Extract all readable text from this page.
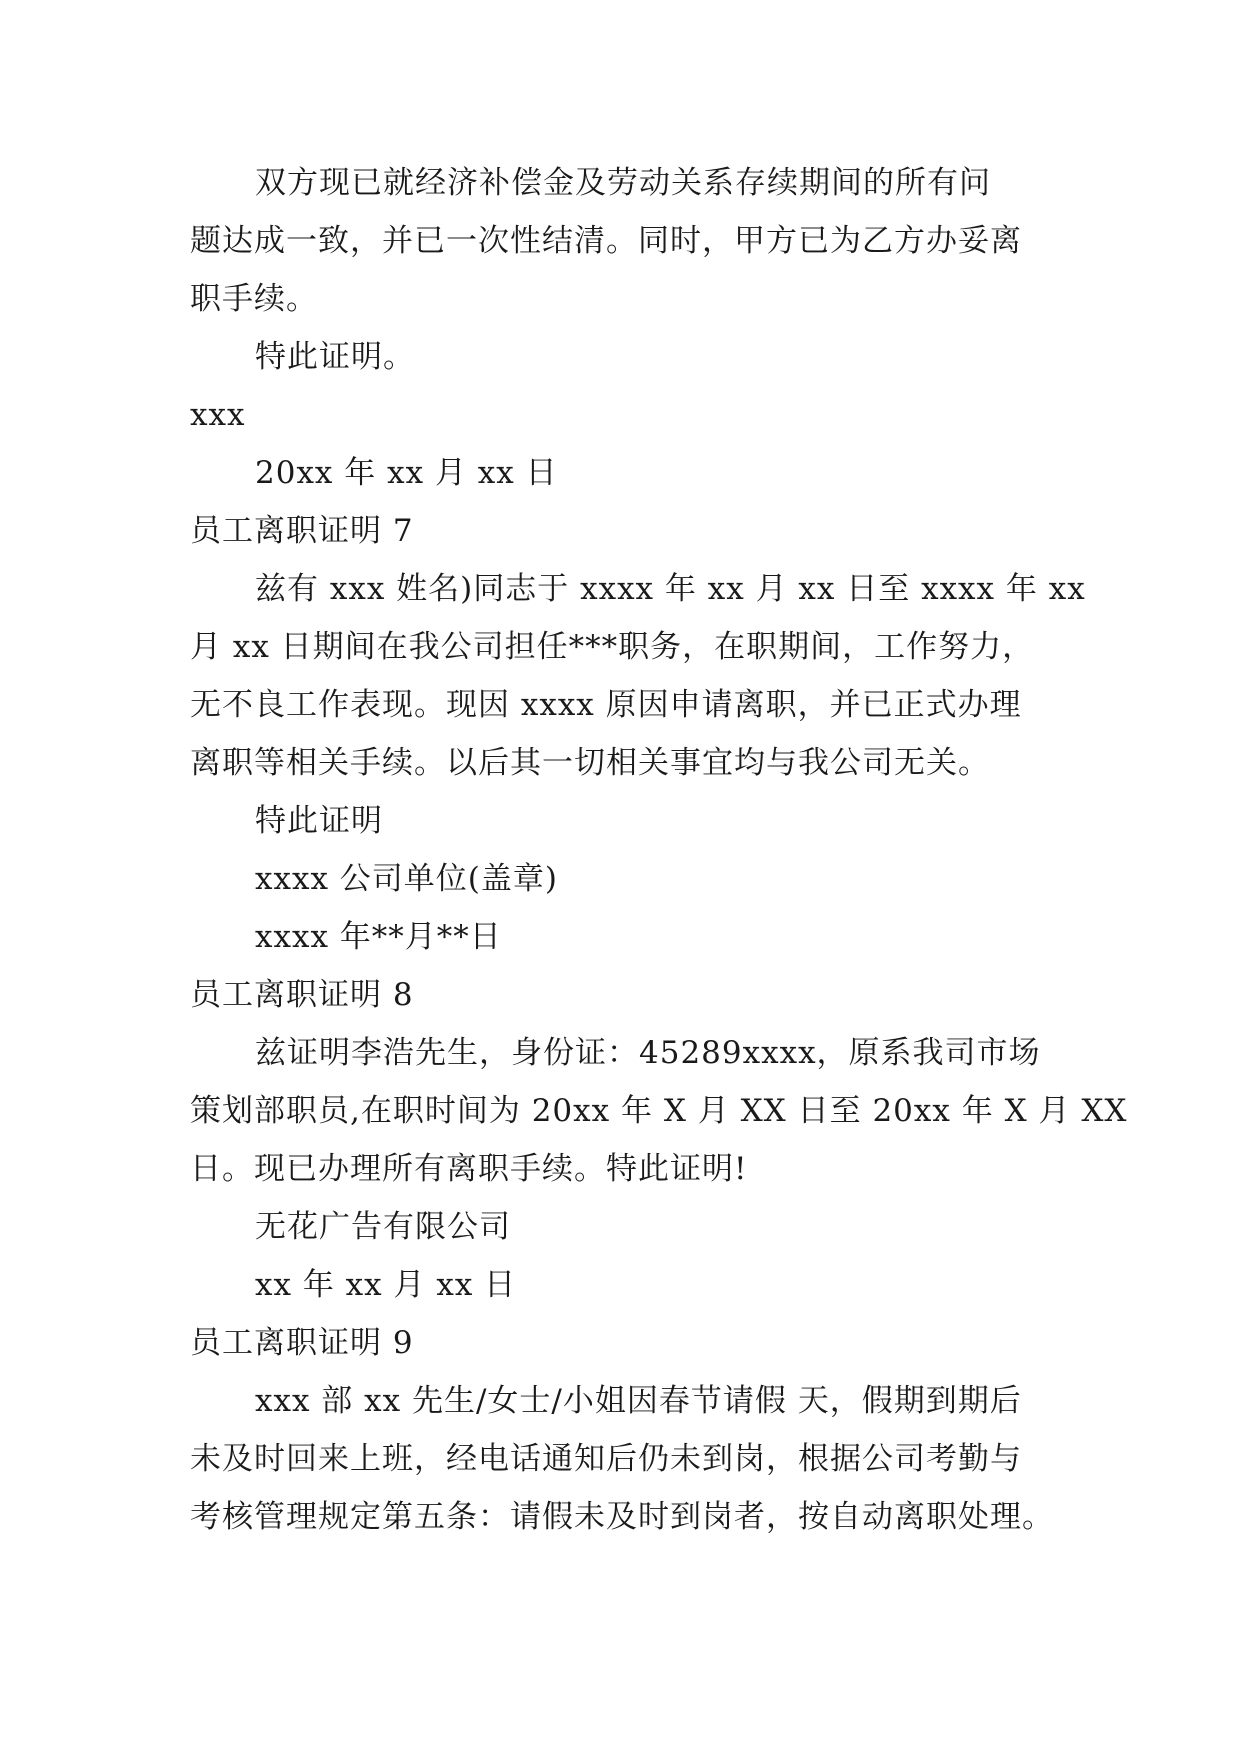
双方现已就经济补偿金及劳动关系存续期间的所有问
题达成一致，并已一次性结清。同时，甲方已为乙方办妥离
职手续。
特此证明。
xxx
20xx 年 xx 月 xx 日
员工离职证明 7
兹有 xxx 姓名)同志于 xxxx 年 xx 月 xx 日至 xxxx 年 xx
月 xx 日期间在我公司担任***职务，在职期间，工作努力，
无不良工作表现。现因 xxxx 原因申请离职，并已正式办理
离职等相关手续。以后其一切相关事宜均与我公司无关。
特此证明
xxxx 公司单位(盖章)
xxxx 年**月**日
员工离职证明 8
兹证明李浩先生，身份证：45289xxxx，原系我司市场
策划部职员,在职时间为 20xx 年 X 月 XX 日至 20xx 年 X 月 XX
日。现已办理所有离职手续。特此证明!
无花广告有限公司
xx 年 xx 月 xx 日
员工离职证明 9
xxx 部 xx 先生/女士/小姐因春节请假 天，假期到期后
未及时回来上班，经电话通知后仍未到岗，根据公司考勤与
考核管理规定第五条：请假未及时到岗者，按自动离职处理。
